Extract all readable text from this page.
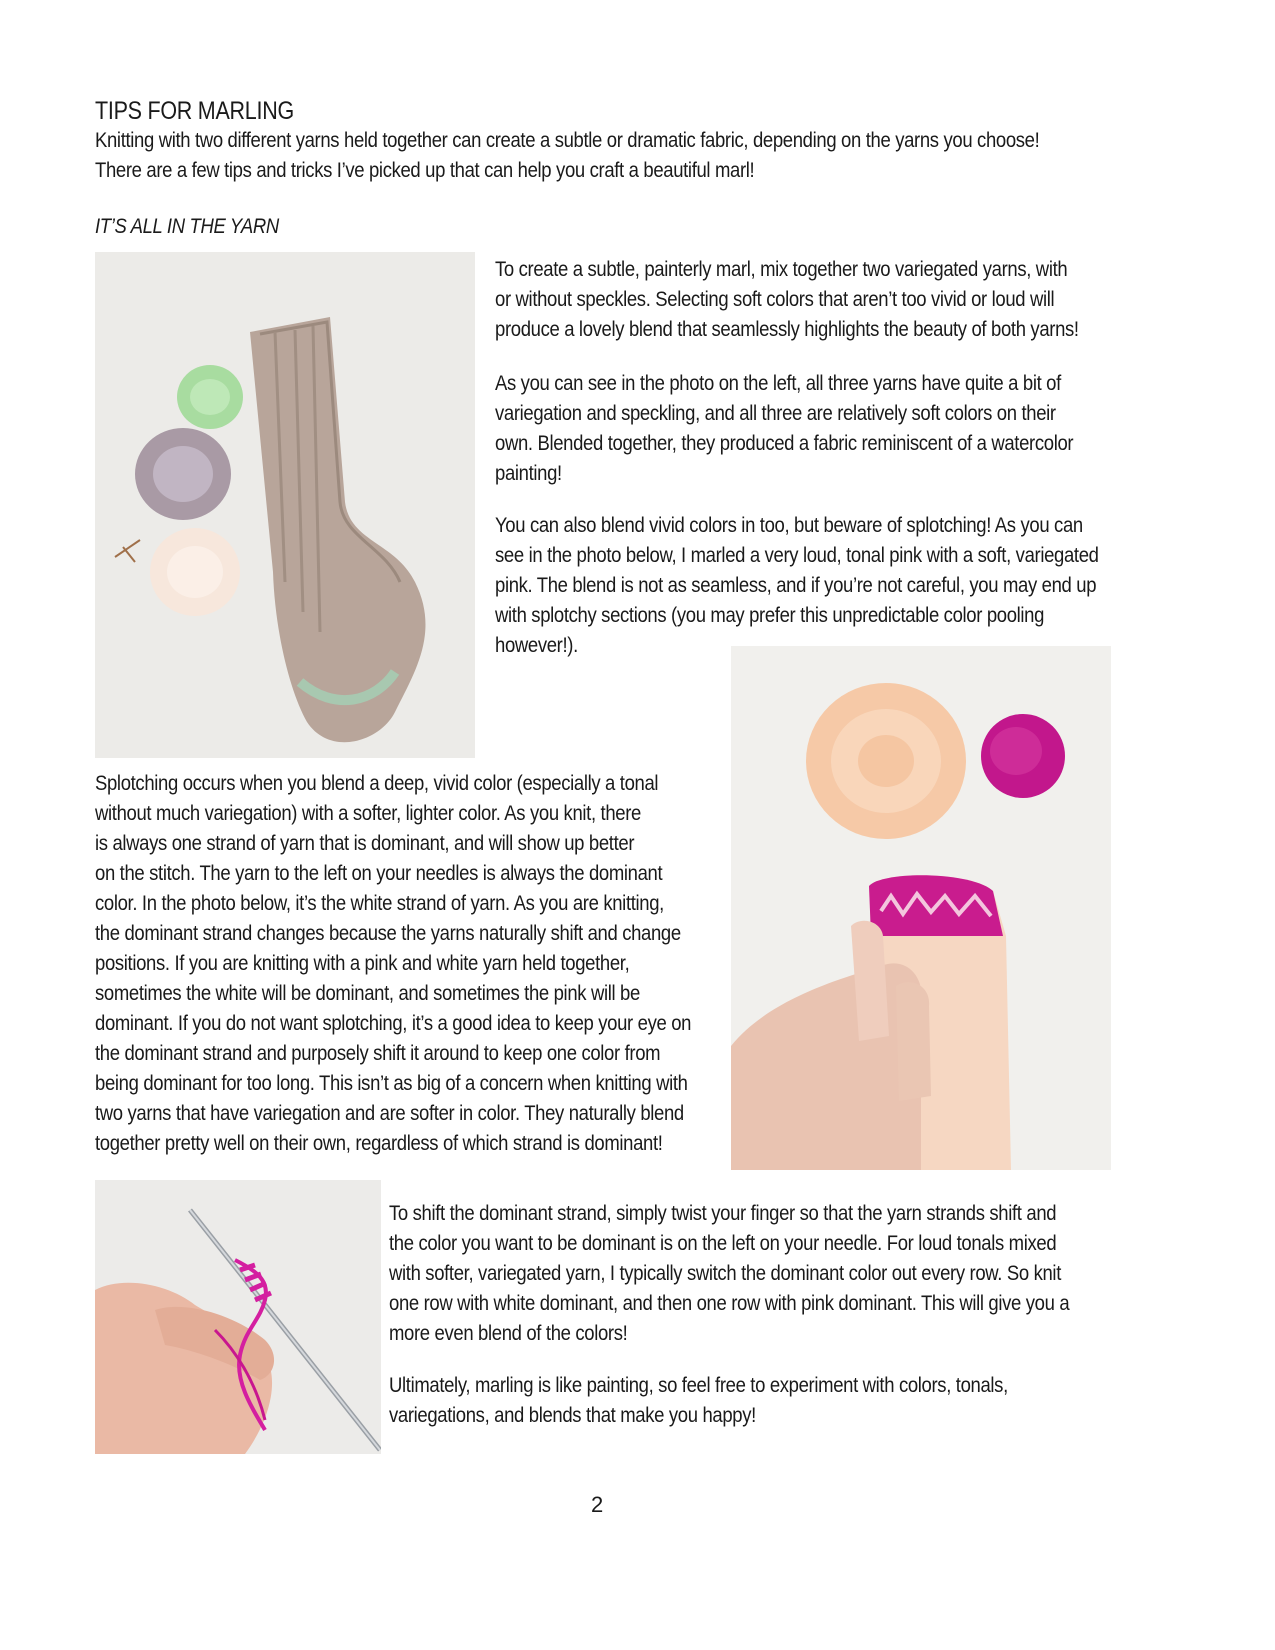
TIPS FOR MARLING
Knitting with two different yarns held together can create a subtle or dramatic fabric, depending on the yarns you choose!
There are a few tips and tricks I’ve picked up that can help you craft a beautiful marl!
IT’S ALL IN THE YARN
To create a subtle, painterly marl, mix together two variegated yarns, with
or without speckles. Selecting soft colors that aren’t too vivid or loud will
produce a lovely blend that seamlessly highlights the beauty of both yarns!
As you can see in the photo on the left, all three yarns have quite a bit of
variegation and speckling, and all three are relatively soft colors on their
own. Blended together, they produced a fabric reminiscent of a watercolor
painting!
You can also blend vivid colors in too, but beware of splotching! As you can
see in the photo below, I marled a very loud, tonal pink with a soft, variegated
pink. The blend is not as seamless, and if you’re not careful, you may end up
with splotchy sections (you may prefer this unpredictable color pooling
however!).
Splotching occurs when you blend a deep, vivid color (especially a tonal
without much variegation) with a softer, lighter color. As you knit, there
is always one strand of yarn that is dominant, and will show up better
on the stitch. The yarn to the left on your needles is always the dominant
color. In the photo below, it’s the white strand of yarn. As you are knitting,
the dominant strand changes because the yarns naturally shift and change
positions. If you are knitting with a pink and white yarn held together,
sometimes the white will be dominant, and sometimes the pink will be
dominant. If you do not want splotching, it’s a good idea to keep your eye on
the dominant strand and purposely shift it around to keep one color from
being dominant for too long. This isn’t as big of a concern when knitting with
two yarns that have variegation and are softer in color. They naturally blend
together pretty well on their own, regardless of which strand is dominant!
To shift the dominant strand, simply twist your finger so that the yarn strands shift and
the color you want to be dominant is on the left on your needle. For loud tonals mixed
with softer, variegated yarn, I typically switch the dominant color out every row. So knit
one row with white dominant, and then one row with pink dominant. This will give you a
more even blend of the colors!
Ultimately, marling is like painting, so feel free to experiment with colors, tonals,
variegations, and blends that make you happy!
2
